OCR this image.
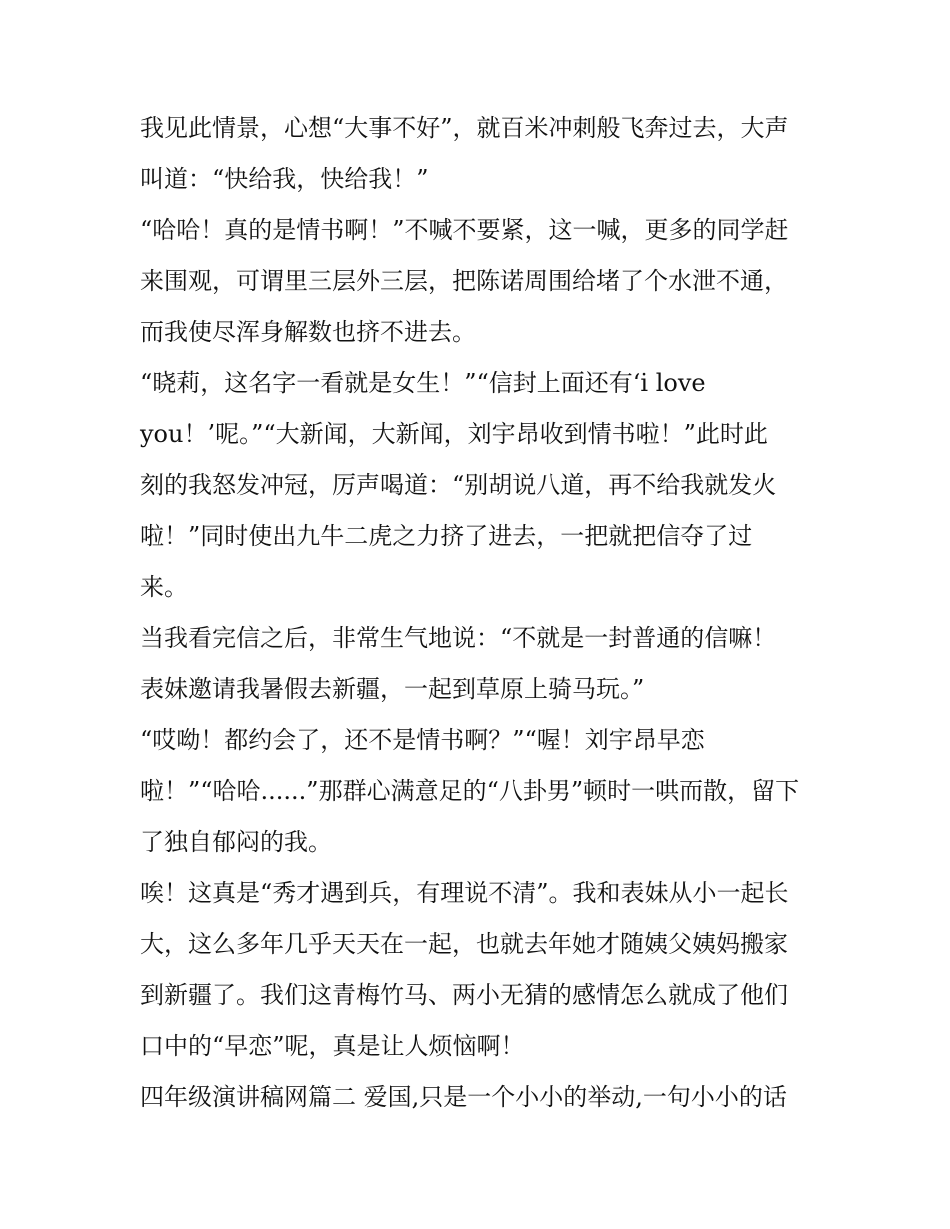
我见此情景，心想“大事不好”，就百米冲刺般飞奔过去，大声
叫道：“快给我，快给我！”
“哈哈！真的是情书啊！”不喊不要紧，这一喊，更多的同学赶
来围观，可谓里三层外三层，把陈诺周围给堵了个水泄不通，
而我使尽浑身解数也挤不进去。
“晓莉，这名字一看就是女生！”“信封上面还有‘i love
you！’呢。”“大新闻，大新闻，刘宇昂收到情书啦！”此时此
刻的我怒发冲冠，厉声喝道：“别胡说八道，再不给我就发火
啦！”同时使出九牛二虎之力挤了进去，一把就把信夺了过
来。
当我看完信之后，非常生气地说：“不就是一封普通的信嘛！
表妹邀请我暑假去新疆，一起到草原上骑马玩。”
“哎呦！都约会了，还不是情书啊？”“喔！刘宇昂早恋
啦！”“哈哈......”那群心满意足的“八卦男”顿时一哄而散，留下
了独自郁闷的我。
唉！这真是“秀才遇到兵，有理说不清”。我和表妹从小一起长
大，这么多年几乎天天在一起，也就去年她才随姨父姨妈搬家
到新疆了。我们这青梅竹马、两小无猜的感情怎么就成了他们
口中的“早恋”呢，真是让人烦恼啊！
四年级演讲稿网篇二 爱国,只是一个小小的举动,一句小小的话
